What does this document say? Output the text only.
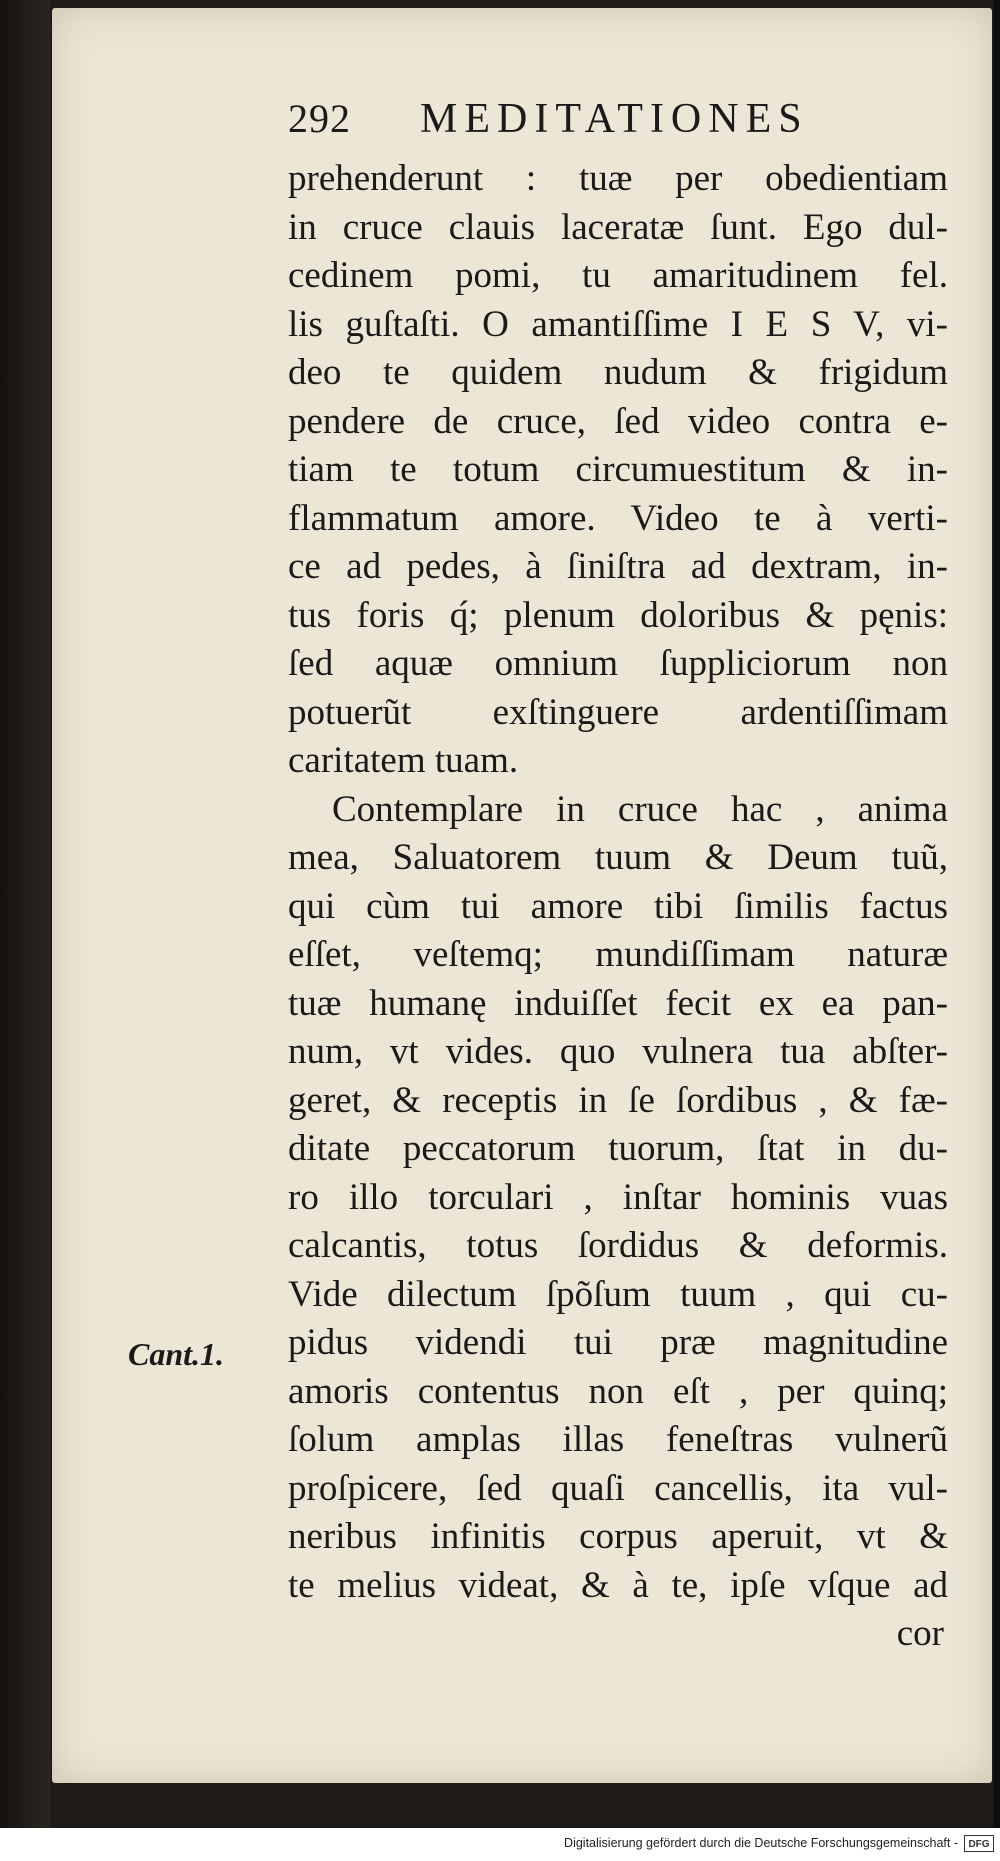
292 MEDITATIONES
Cant.1.
prehenderunt : tuæ per obedientiam
in cruce clauis laceratæ ſunt. Ego dul-
cedinem pomi, tu amaritudinem fel.
lis guſtaſti. O amantiſſime I E S V, vi-
deo te quidem nudum & frigidum
pendere de cruce, ſed video contra e-
tiam te totum circumuestitum & in-
flammatum amore. Video te à verti-
ce ad pedes, à ſiniſtra ad dextram, in-
tus foris q́; plenum doloribus & pęnis:
ſed aquæ omnium ſuppliciorum non
potuerũt exſtinguere ardentiſſimam
caritatem tuam.
Contemplare in cruce hac , anima
mea, Saluatorem tuum & Deum tuũ,
qui cùm tui amore tibi ſimilis factus
eſſet, veſtemq; mundiſſimam naturæ
tuæ humanę induiſſet fecit ex ea pan-
num, vt vides. quo vulnera tua abſter-
geret, & receptis in ſe ſordibus , & fæ-
ditate peccatorum tuorum, ſtat in du-
ro illo torculari , inſtar hominis vuas
calcantis, totus ſordidus & deformis.
Vide dilectum ſpõſum tuum , qui cu-
pidus videndi tui præ magnitudine
amoris contentus non eſt , per quinq;
ſolum amplas illas feneſtras vulnerũ
proſpicere, ſed quaſi cancellis, ita vul-
neribus infinitis corpus aperuit, vt &
te melius videat, & à te, ipſe vſque ad
cor
Digitalisierung gefördert durch die Deutsche Forschungsgemeinschaft -	DFG
